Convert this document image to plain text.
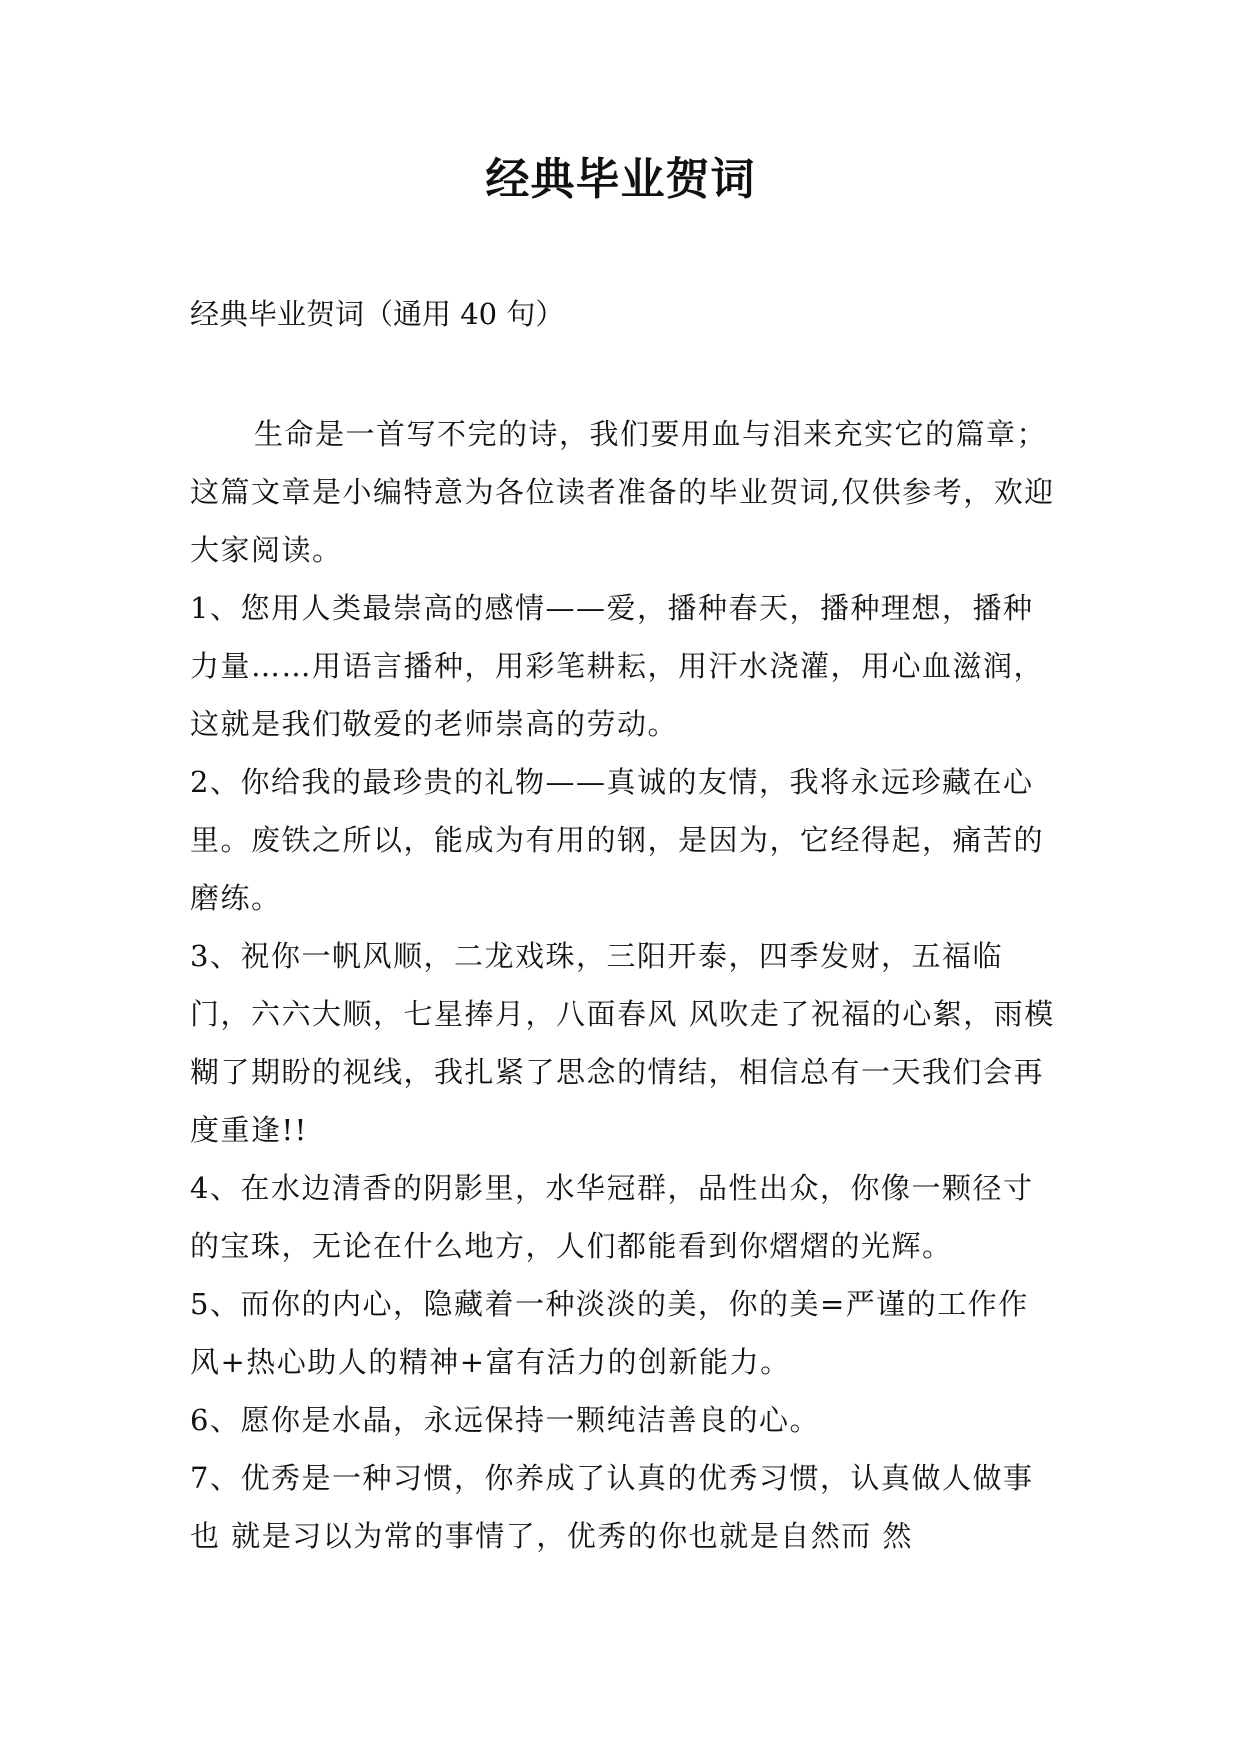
经典毕业贺词

经典毕业贺词（通用 40 句）

生命是一首写不完的诗，我们要用血与泪来充实它的篇章；这篇文章是小编特意为各位读者准备的毕业贺词,仅供参考，欢迎大家阅读。

1、您用人类最崇高的感情——爱，播种春天，播种理想，播种力量……用语言播种，用彩笔耕耘，用汗水浇灌，用心血滋润，这就是我们敬爱的老师崇高的劳动。

2、你给我的最珍贵的礼物——真诚的友情，我将永远珍藏在心里。废铁之所以，能成为有用的钢，是因为，它经得起，痛苦的磨练。

3、祝你一帆风顺，二龙戏珠，三阳开泰，四季发财，五福临门，六六大顺，七星捧月，八面春风 风吹走了祝福的心絮，雨模糊了期盼的视线，我扎紧了思念的情结，相信总有一天我们会再度重逢!!

4、在水边清香的阴影里，水华冠群，品性出众，你像一颗径寸的宝珠，无论在什么地方，人们都能看到你熠熠的光辉。

5、而你的内心，隐藏着一种淡淡的美，你的美=严谨的工作作风+热心助人的精神+富有活力的创新能力。

6、愿你是水晶，永远保持一颗纯洁善良的心。

7、优秀是一种习惯，你养成了认真的优秀习惯，认真做人做事也 就是习以为常的事情了，优秀的你也就是自然而 然
